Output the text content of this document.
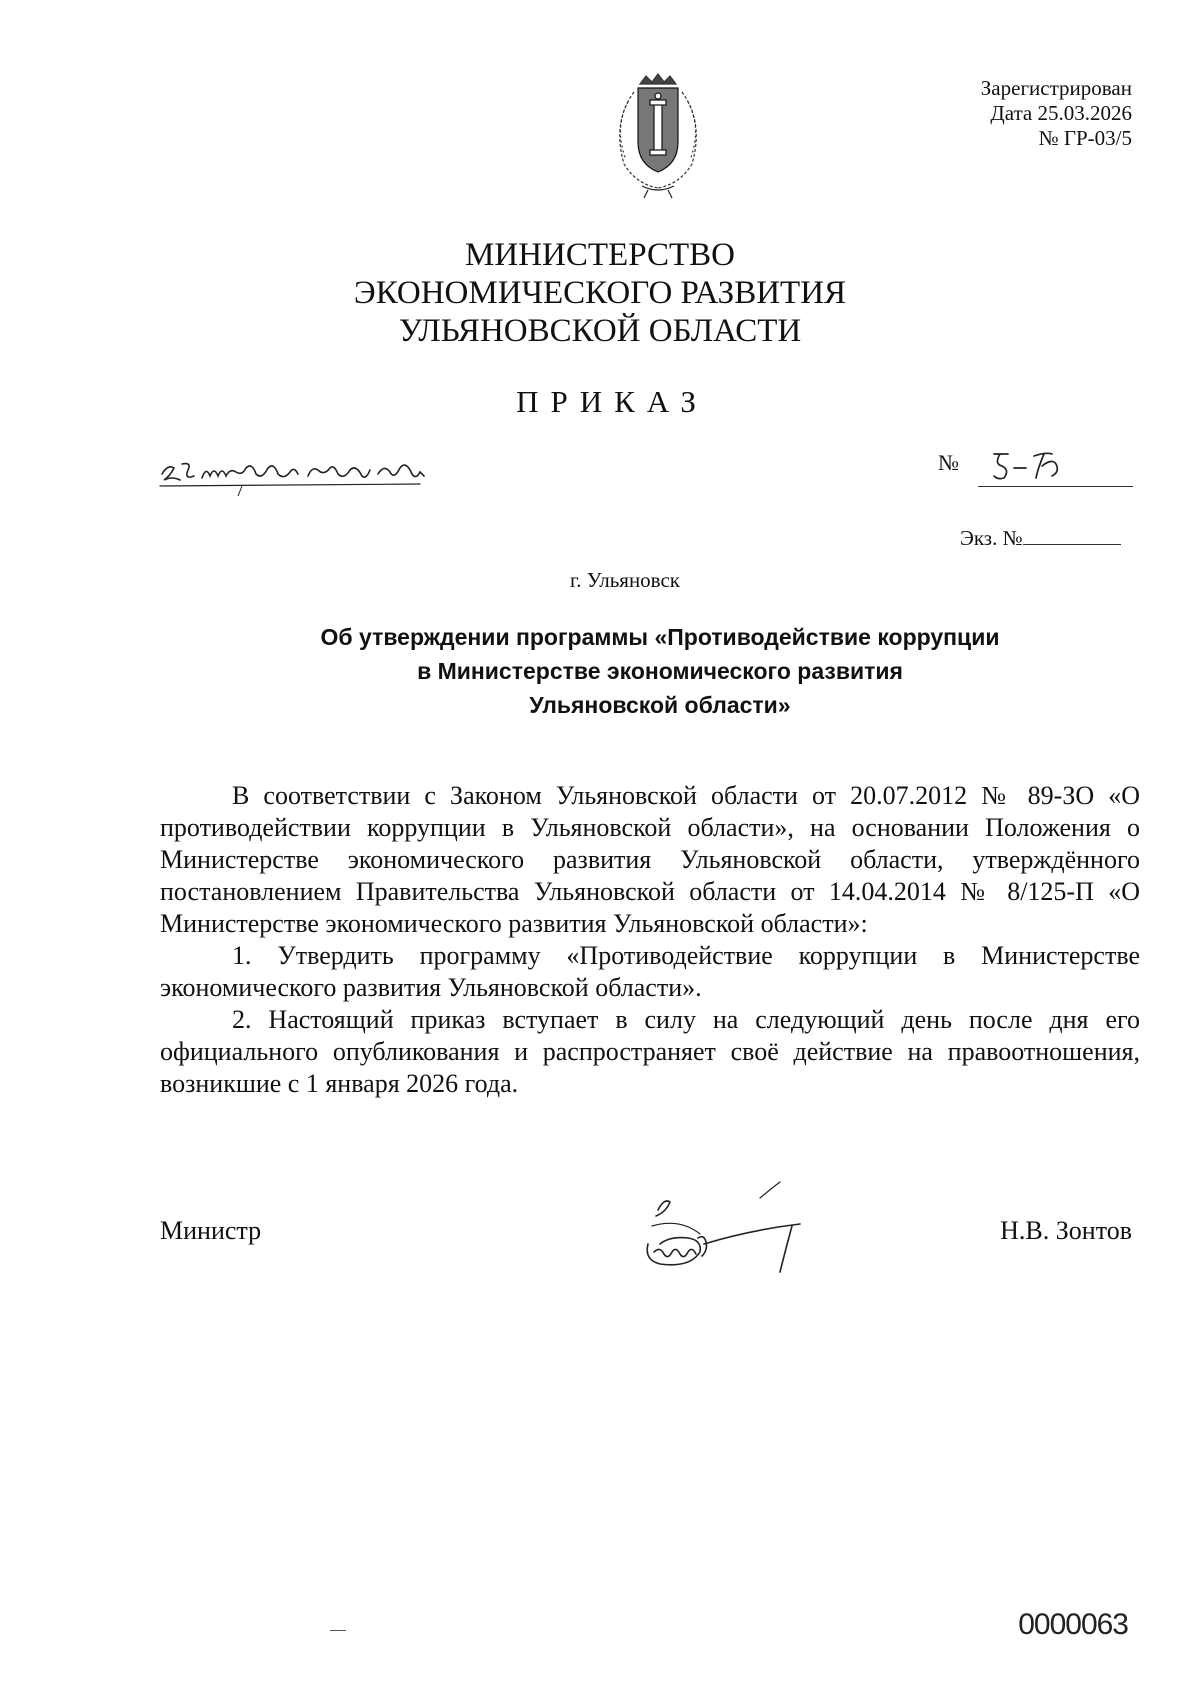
Зарегистрирован
Дата 25.03.2026
№ ГР-03/5
МИНИСТЕРСТВО
ЭКОНОМИЧЕСКОГО РАЗВИТИЯ
УЛЬЯНОВСКОЙ ОБЛАСТИ
ПРИКАЗ
№
Экз. №
г. Ульяновск
Об утверждении программы «Противодействие коррупции
в Министерстве экономического развития
Ульяновской области»

В соответствии с Законом Ульяновской области от 20.07.2012 № 89-ЗО «О противодействии коррупции в Ульяновской области», на основании Положения о Министерстве экономического развития Ульяновской области, утверждённого постановлением Правительства Ульяновской области от 14.04.2014 № 8/125-П «О Министерстве экономического развития Ульяновской области»:

1. Утвердить программу «Противодействие коррупции в Министерстве экономического развития Ульяновской области».

2. Настоящий приказ вступает в силу на следующий день после дня его официального опубликования и распространяет своё действие на правоотношения, возникшие с 1 января 2026 года.

Министр	Н.В. Зонтов
0000063
